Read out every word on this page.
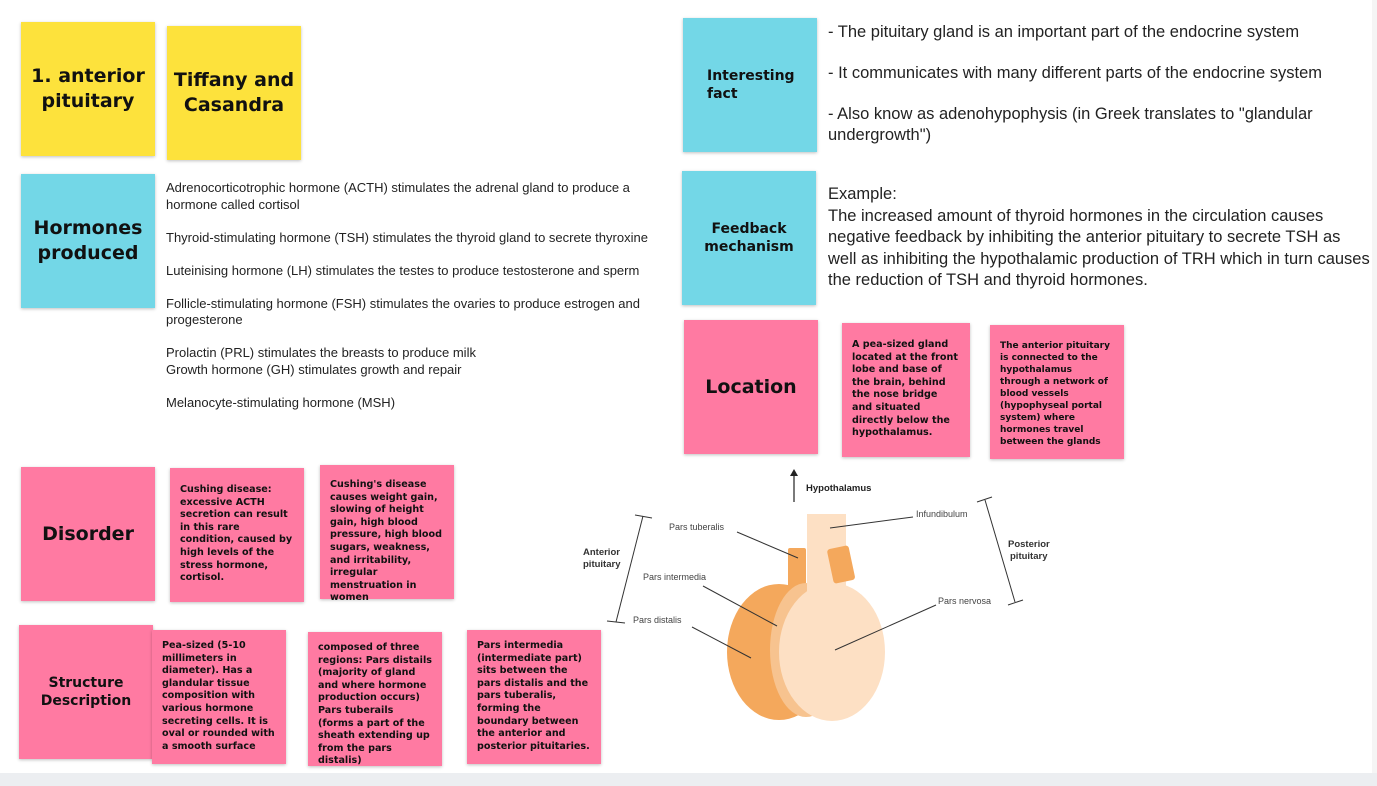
1. anterior pituitary
Tiffany and Casandra
Hormones produced

Adrenocorticotrophic hormone (ACTH) stimulates the adrenal gland to produce a hormone called cortisol

Thyroid-stimulating hormone (TSH) stimulates the thyroid gland to secrete thyroxine

Luteinising hormone (LH) stimulates the testes to produce testosterone and sperm

Follicle-stimulating hormone (FSH) stimulates the ovaries to produce estrogen and progesterone

Prolactin (PRL) stimulates the breasts to produce milk

Growth hormone (GH) stimulates growth and repair

Melanocyte-stimulating hormone (MSH)

Disorder
Cushing disease: excessive ACTH secretion can result in this rare condition, caused by high levels of the stress hormone, cortisol.
Cushing's disease causes weight gain, slowing of height gain, high blood pressure, high blood sugars, weakness, and irritability, irregular menstruation in women
Structure Description
Pea-sized (5-10 millimeters in diameter). Has a glandular tissue composition with various hormone secreting cells. It is oval or rounded with a smooth surface
composed of three regions: Pars distails (majority of gland and where hormone production occurs) Pars tuberails (forms a part of the sheath extending up from the pars distalis)
Pars intermedia (intermediate part) sits between the pars distalis and the pars tuberalis, forming the boundary between the anterior and posterior pituitaries.
Interesting fact

- The pituitary gland is an important part of the endocrine system

- It communicates with many different parts of the endocrine system

- Also know as adenohypophysis (in Greek translates to "glandular undergrowth")

Feedback mechanism
Example:
The increased amount of thyroid hormones in the circulation causes negative feedback by inhibiting the anterior pituitary to secrete TSH as well as inhibiting the hypothalamic production of TRH which in turn causes the reduction of TSH and thyroid hormones.
Location
A pea-sized gland located at the front lobe and base of the brain, behind the nose bridge and situated directly below the hypothalamus.
The anterior pituitary is connected to the hypothalamus through a network of blood vessels (hypophyseal portal system) where hormones travel between the glands
Hypothalamus
Pars tuberalis
Pars intermedia
Pars distalis
Infundibulum
Pars nervosa
Anterior
pituitary
Posterior
pituitary
